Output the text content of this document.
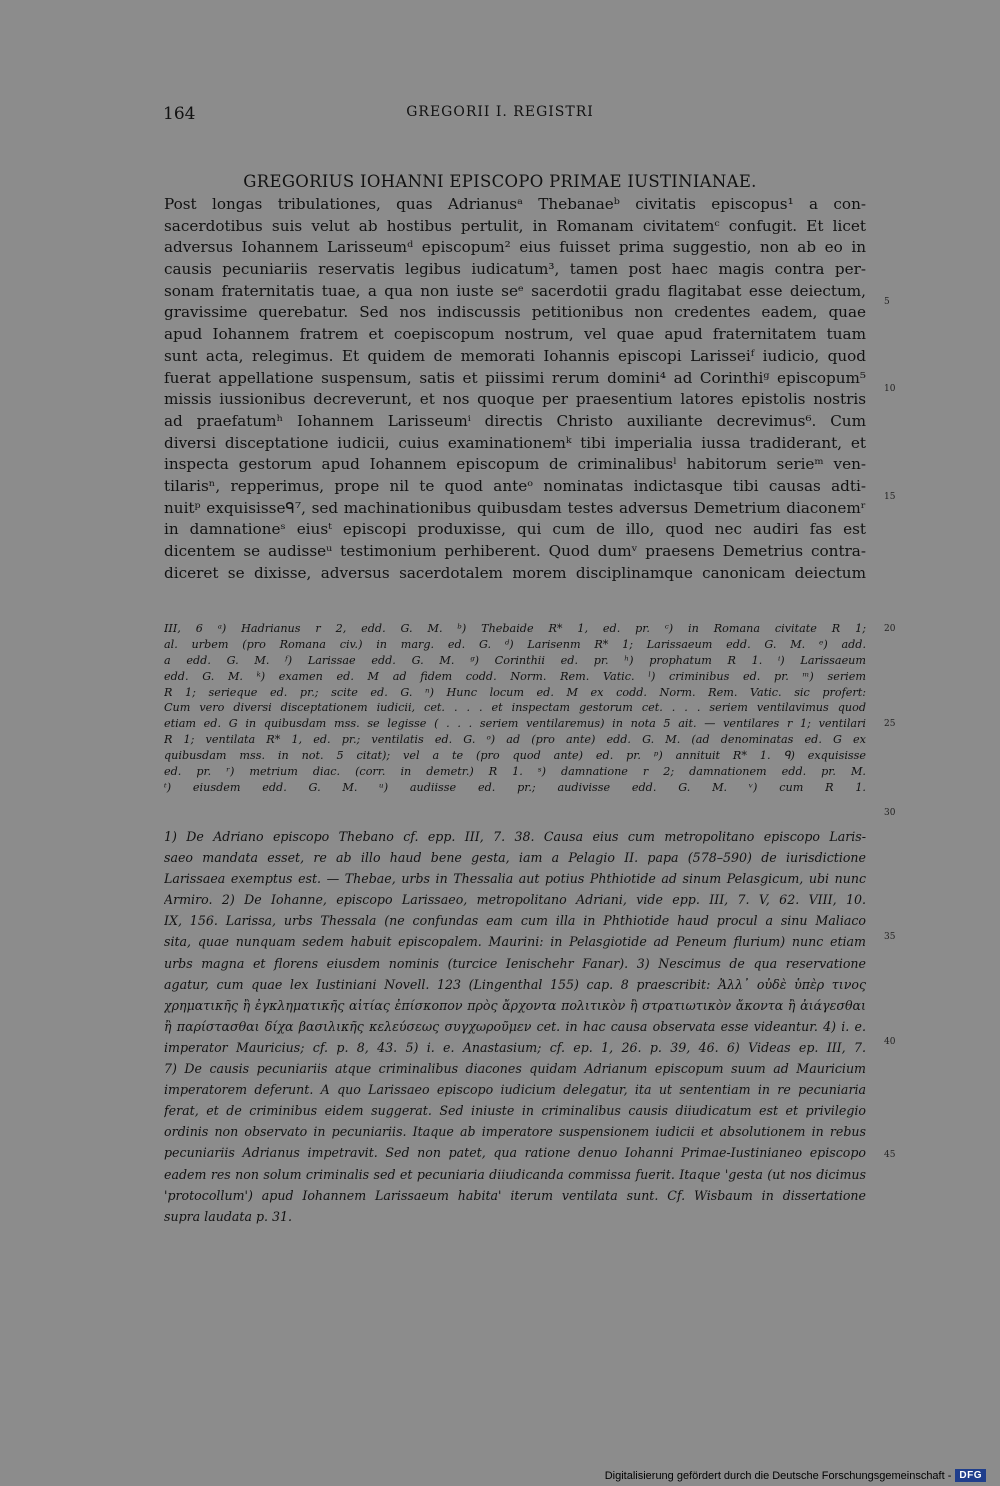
164	GREGORII I. REGISTRI
GREGORIUS IOHANNI EPISCOPO PRIMAE IUSTINIANAE.
Post longas tribulationes, quas Adrianusᵃ Thebanaeᵇ civitatis episcopus¹ a con-
sacerdotibus suis velut ab hostibus pertulit, in Romanam civitatemᶜ confugit. Et licet
adversus Iohannem Larisseumᵈ episcopum² eius fuisset prima suggestio, non ab eo in
causis pecuniariis reservatis legibus iudicatum³, tamen post haec magis contra per-
sonam fraternitatis tuae, a qua non iuste seᵉ sacerdotii gradu flagitabat esse deiectum,
gravissime querebatur. Sed nos indiscussis petitionibus non credentes eadem, quae
apud Iohannem fratrem et coepiscopum nostrum, vel quae apud fraternitatem tuam
sunt acta, relegimus. Et quidem de memorati Iohannis episcopi Larisseiᶠ iudicio, quod
fuerat appellatione suspensum, satis et piissimi rerum domini⁴ ad Corinthiᵍ episcopum⁵
missis iussionibus decreverunt, et nos quoque per praesentium latores epistolis nostris
ad praefatumʰ Iohannem Larisseumⁱ directis Christo auxiliante decrevimus⁶. Cum
diversi disceptatione iudicii, cuius examinationemᵏ tibi imperialia iussa tradiderant, et
inspecta gestorum apud Iohannem episcopum de criminalibusˡ habitorum serieᵐ ven-
tilarisⁿ, repperimus, prope nil te quod anteᵒ nominatas indictasque tibi causas adti-
nuitᵖ exquisisseᑫ⁷, sed machinationibus quibusdam testes adversus Demetrium diaconemʳ
in damnationeˢ eiusᵗ episcopi produxisse, qui cum de illo, quod nec audiri fas est
dicentem se audisseᵘ testimonium perhiberent. Quod dumᵛ praesens Demetrius contra-
diceret se dixisse, adversus sacerdotalem morem disciplinamque canonicam deiectum
5
10
15
III, 6 ᵃ) Hadrianus r 2, edd. G. M. ᵇ) Thebaide R* 1, ed. pr. ᶜ) in Romana civitate R 1;
al. urbem (pro Romana civ.) in marg. ed. G. ᵈ) Larisenm R* 1; Larissaeum edd. G. M. ᵉ) add.
a edd. G. M. ᶠ) Larissae edd. G. M. ᵍ) Corinthii ed. pr. ʰ) prophatum R 1. ⁱ) Larissaeum
edd. G. M. ᵏ) examen ed. M ad fidem codd. Norm. Rem. Vatic. ˡ) criminibus ed. pr. ᵐ) seriem
R 1; serieque ed. pr.; scite ed. G. ⁿ) Hunc locum ed. M ex codd. Norm. Rem. Vatic. sic profert:
Cum vero diversi disceptationem iudicii, cet. . . . et inspectam gestorum cet. . . . seriem ventilavimus quod
etiam ed. G in quibusdam mss. se legisse ( . . . seriem ventilaremus) in nota 5 ait. — ventilares r 1; ventilari
R 1; ventilata R* 1, ed. pr.; ventilatis ed. G. ᵒ) ad (pro ante) edd. G. M. (ad denominatas ed. G ex
quibusdam mss. in not. 5 citat); vel a te (pro quod ante) ed. pr. ᵖ) annituit R* 1. ᑫ) exquisisse
ed. pr. ʳ) metrium diac. (corr. in demetr.) R 1. ˢ) damnatione r 2; damnationem edd. pr. M.
ᵗ) eiusdem edd. G. M. ᵘ) audiisse ed. pr.; audivisse edd. G. M. ᵛ) cum R 1.
20
25
30
1) De Adriano episcopo Thebano cf. epp. III, 7. 38. Causa eius cum metropolitano episcopo Laris-
saeo mandata esset, re ab illo haud bene gesta, iam a Pelagio II. papa (578–590) de iurisdictione
Larissaea exemptus est. — Thebae, urbs in Thessalia aut potius Phthiotide ad sinum Pelasgicum, ubi nunc
Armiro. 2) De Iohanne, episcopo Larissaeo, metropolitano Adriani, vide epp. III, 7. V, 62. VIII, 10.
IX, 156. Larissa, urbs Thessala (ne confundas eam cum illa in Phthiotide haud procul a sinu Maliaco
sita, quae nunquam sedem habuit episcopalem. Maurini: in Pelasgiotide ad Peneum flurium) nunc etiam
urbs magna et florens eiusdem nominis (turcice Ienischehr Fanar). 3) Nescimus de qua reservatione
agatur, cum quae lex Iustiniani Novell. 123 (Lingenthal 155) cap. 8 praescribit: Ἀλλ᾽ οὐδὲ ὑπὲρ τινος
χρηματικῆς ἢ ἐγκληματικῆς αἰτίας ἐπίσκοπον πρὸς ἄρχοντα πολιτικὸν ἢ στρατιωτικὸν ἄκοντα ἢ ἀιάγεσθαι
ἢ παρίστασθαι δίχα βασιλικῆς κελεύσεως συγχωροῦμεν cet. in hac causa observata esse videantur. 4) i. e.
imperator Mauricius; cf. p. 8, 43. 5) i. e. Anastasium; cf. ep. 1, 26. p. 39, 46. 6) Videas ep. III, 7.
7) De causis pecuniariis atque criminalibus diacones quidam Adrianum episcopum suum ad Mauricium
imperatorem deferunt. A quo Larissaeo episcopo iudicium delegatur, ita ut sententiam in re pecuniaria
ferat, et de criminibus eidem suggerat. Sed iniuste in criminalibus causis diiudicatum est et privilegio
ordinis non observato in pecuniariis. Itaque ab imperatore suspensionem iudicii et absolutionem in rebus
pecuniariis Adrianus impetravit. Sed non patet, qua ratione denuo Iohanni Primae-Iustinianeo episcopo
eadem res non solum criminalis sed et pecuniaria diiudicanda commissa fuerit. Itaque 'gesta (ut nos dicimus
'protocollum') apud Iohannem Larissaeum habita' iterum ventilata sunt. Cf. Wisbaum in dissertatione
supra laudata p. 31.
35
40
45
Digitalisierung gefördert durch die Deutsche Forschungsgemeinschaft - DFG
